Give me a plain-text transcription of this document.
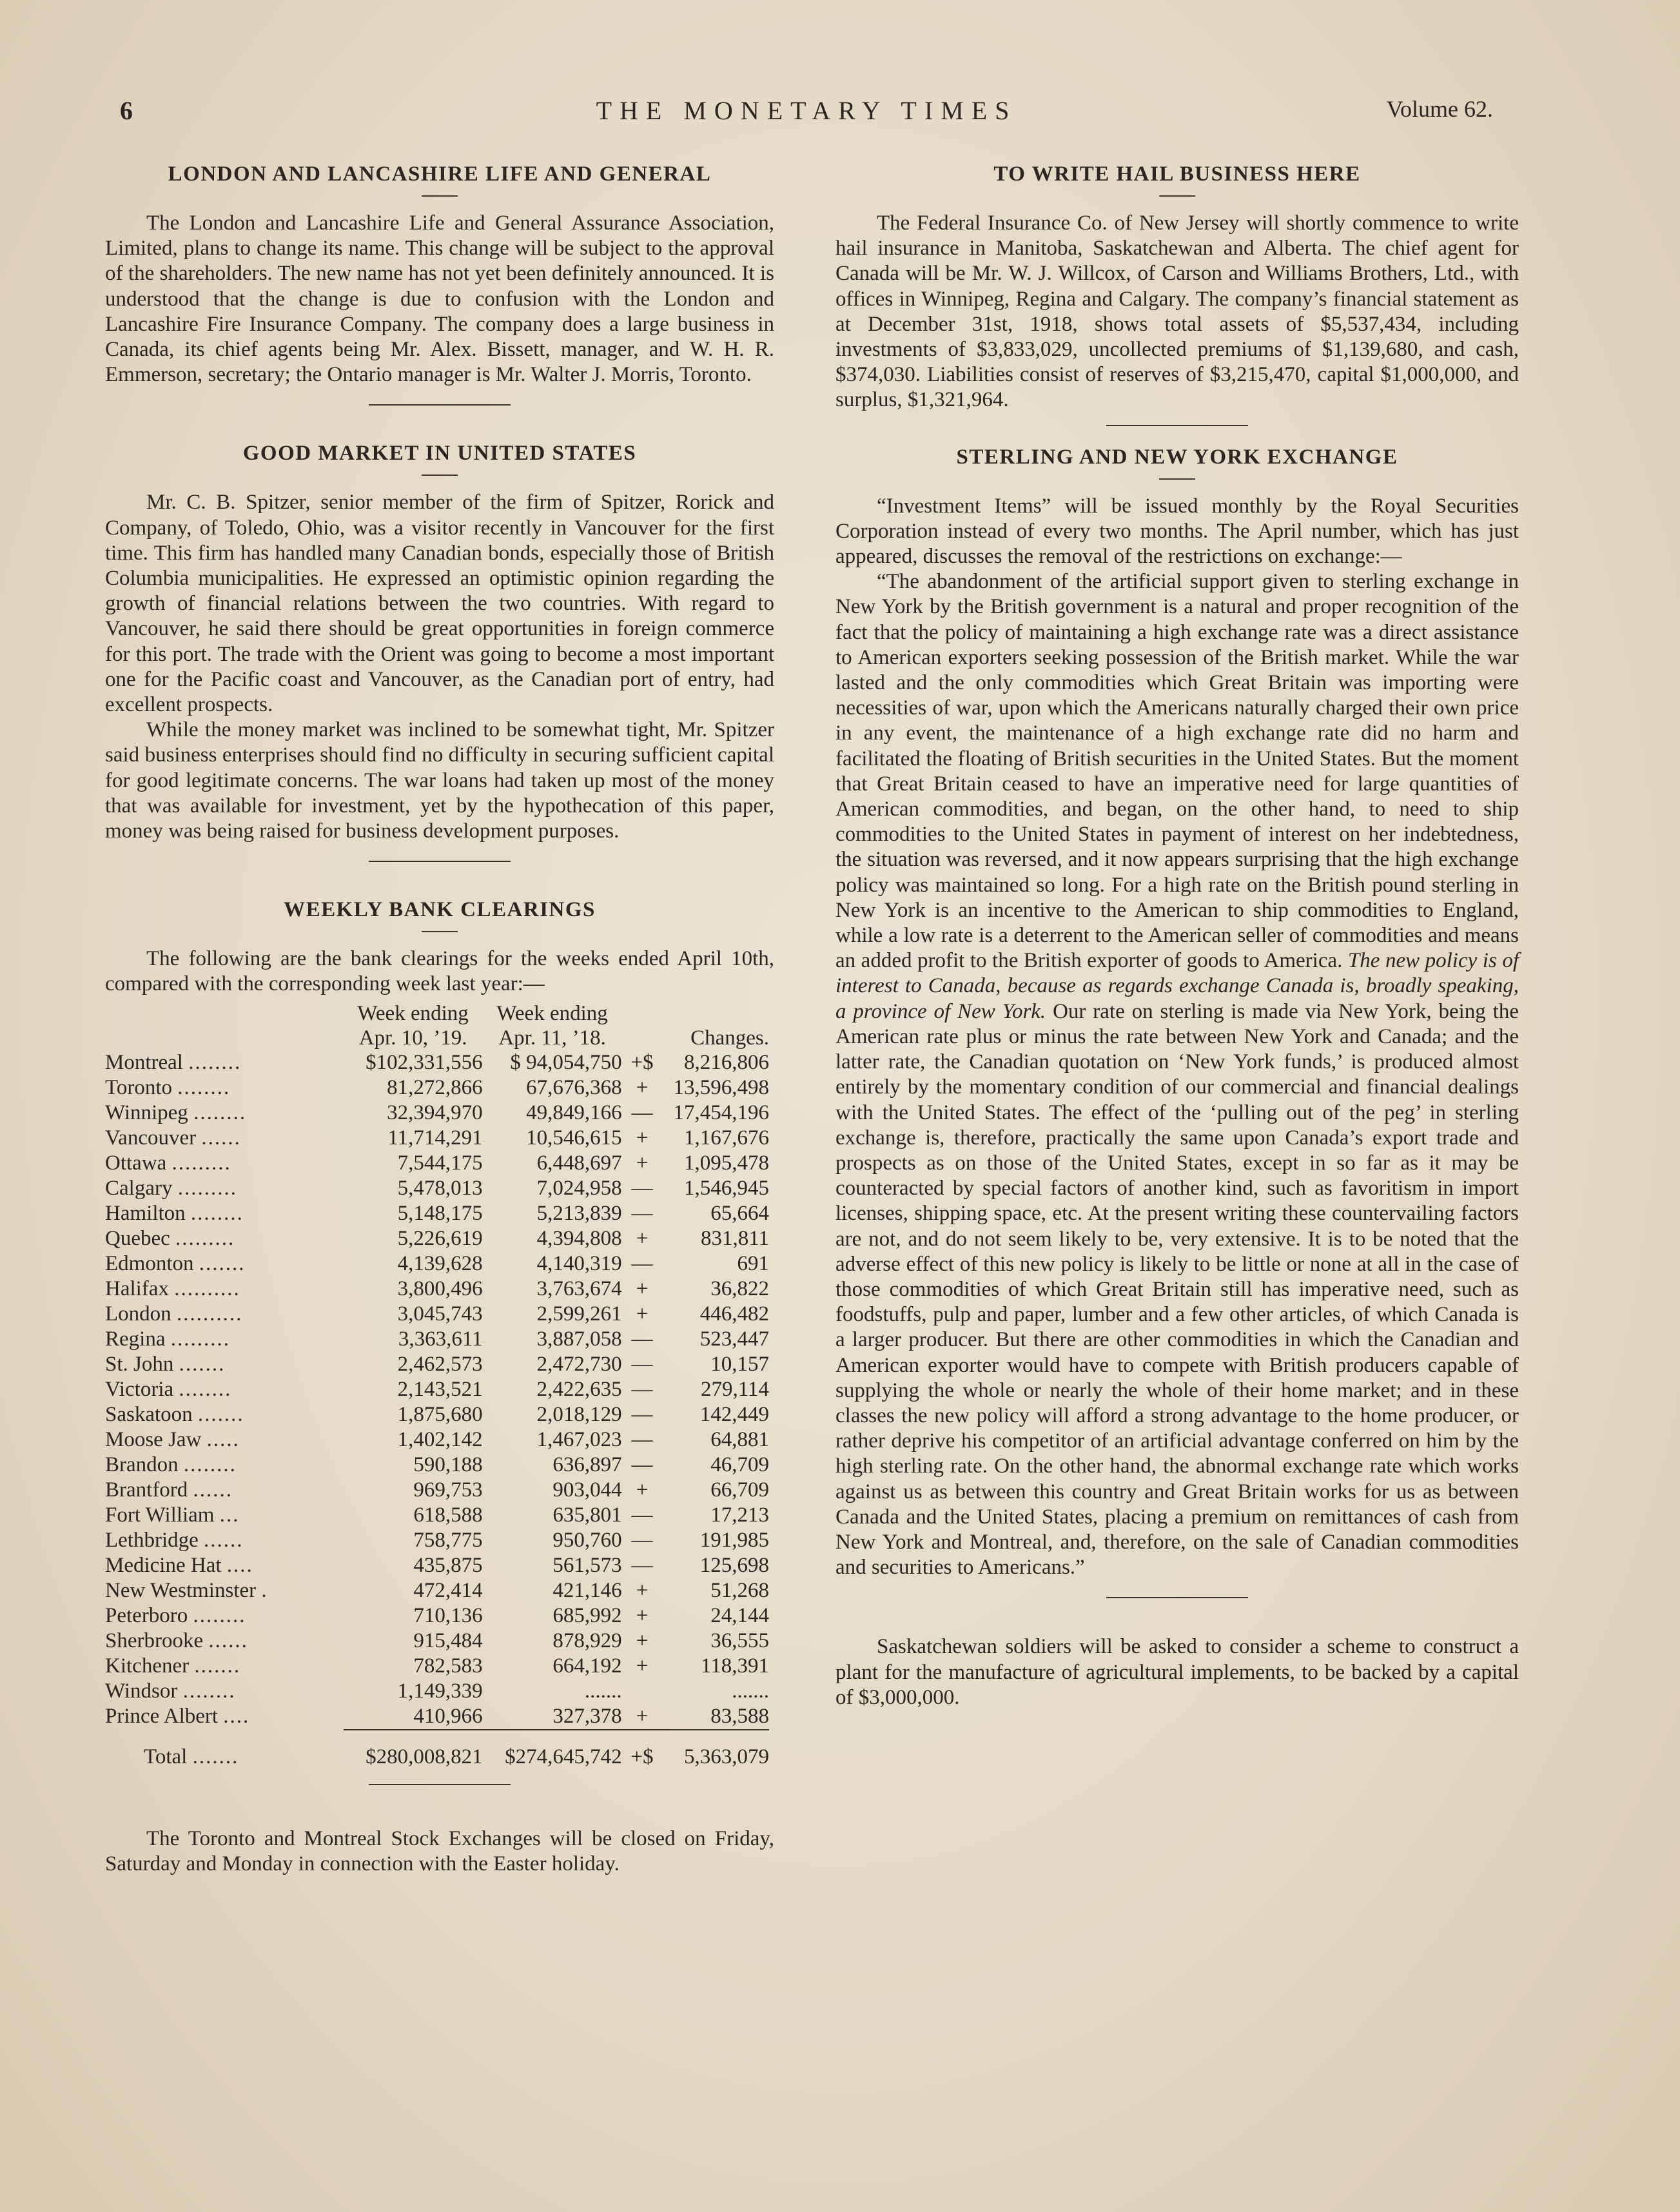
6	THE MONETARY TIMES	Volume 62.
LONDON AND LANCASHIRE LIFE AND GENERAL

The London and Lancashire Life and General Assurance Association, Limited, plans to change its name. This change will be subject to the approval of the shareholders. The new name has not yet been definitely announced. It is understood that the change is due to confusion with the London and Lancashire Fire Insurance Company. The company does a large business in Canada, its chief agents being Mr. Alex. Bissett, manager, and W. H. R. Emmerson, secretary; the Ontario manager is Mr. Walter J. Morris, Toronto.

GOOD MARKET IN UNITED STATES

Mr. C. B. Spitzer, senior member of the firm of Spitzer, Rorick and Company, of Toledo, Ohio, was a visitor recently in Vancouver for the first time. This firm has handled many Canadian bonds, especially those of British Columbia municipalities. He expressed an optimistic opinion regarding the growth of financial relations between the two countries. With regard to Vancouver, he said there should be great opportunities in foreign commerce for this port. The trade with the Orient was going to become a most important one for the Pacific coast and Vancouver, as the Canadian port of entry, had excellent prospects.

While the money market was inclined to be somewhat tight, Mr. Spitzer said business enterprises should find no difficulty in securing sufficient capital for good legitimate concerns. The war loans had taken up most of the money that was available for investment, yet by the hypothecation of this paper, money was being raised for business development purposes.

WEEKLY BANK CLEARINGS

The following are the bank clearings for the weeks ended April 10th, compared with the corresponding week last year:—

	Week ending	Week ending		
	Apr. 10, ’19.	Apr. 11, ’18.	Changes.	
Montreal ........	$102,331,556	$ 94,054,750	+$	8,216,806
Toronto ........	81,272,866	67,676,368	+	13,596,498
Winnipeg ........	32,394,970	49,849,166	—	17,454,196
Vancouver ......	11,714,291	10,546,615	+	1,167,676
Ottawa .........	7,544,175	6,448,697	+	1,095,478
Calgary .........	5,478,013	7,024,958	—	1,546,945
Hamilton ........	5,148,175	5,213,839	—	65,664
Quebec .........	5,226,619	4,394,808	+	831,811
Edmonton .......	4,139,628	4,140,319	—	691
Halifax ..........	3,800,496	3,763,674	+	36,822
London ..........	3,045,743	2,599,261	+	446,482
Regina .........	3,363,611	3,887,058	—	523,447
St. John .......	2,462,573	2,472,730	—	10,157
Victoria ........	2,143,521	2,422,635	—	279,114
Saskatoon .......	1,875,680	2,018,129	—	142,449
Moose Jaw .....	1,402,142	1,467,023	—	64,881
Brandon ........	590,188	636,897	—	46,709
Brantford ......	969,753	903,044	+	66,709
Fort William ...	618,588	635,801	—	17,213
Lethbridge ......	758,775	950,760	—	191,985
Medicine Hat ....	435,875	561,573	—	125,698
New Westminster .	472,414	421,146	+	51,268
Peterboro ........	710,136	685,992	+	24,144
Sherbrooke ......	915,484	878,929	+	36,555
Kitchener .......	782,583	664,192	+	118,391
Windsor ........	1,149,339	.......		.......
Prince Albert ....	410,966	327,378	+	83,588

Total .......	$280,008,821	$274,645,742	+$	5,363,079

The Toronto and Montreal Stock Exchanges will be closed on Friday, Saturday and Monday in connection with the Easter holiday.

TO WRITE HAIL BUSINESS HERE

The Federal Insurance Co. of New Jersey will shortly commence to write hail insurance in Manitoba, Saskatchewan and Alberta. The chief agent for Canada will be Mr. W. J. Willcox, of Carson and Williams Brothers, Ltd., with offices in Winnipeg, Regina and Calgary. The company’s financial statement as at December 31st, 1918, shows total assets of $5,537,434, including investments of $3,833,029, uncollected premiums of $1,139,680, and cash, $374,030. Liabilities consist of reserves of $3,215,470, capital $1,000,000, and surplus, $1,321,964.

STERLING AND NEW YORK EXCHANGE

“Investment Items” will be issued monthly by the Royal Securities Corporation instead of every two months. The April number, which has just appeared, discusses the removal of the restrictions on exchange:—

“The abandonment of the artificial support given to sterling exchange in New York by the British government is a natural and proper recognition of the fact that the policy of maintaining a high exchange rate was a direct assistance to American exporters seeking possession of the British market. While the war lasted and the only commodities which Great Britain was importing were necessities of war, upon which the Americans naturally charged their own price in any event, the maintenance of a high exchange rate did no harm and facilitated the floating of British securities in the United States. But the moment that Great Britain ceased to have an imperative need for large quantities of American commodities, and began, on the other hand, to need to ship commodities to the United States in payment of interest on her indebtedness, the situation was reversed, and it now appears surprising that the high exchange policy was maintained so long. For a high rate on the British pound sterling in New York is an incentive to the American to ship commodities to England, while a low rate is a deterrent to the American seller of commodities and means an added profit to the British exporter of goods to America. The new policy is of interest to Canada, because as regards exchange Canada is, broadly speaking, a province of New York. Our rate on sterling is made via New York, being the American rate plus or minus the rate between New York and Canada; and the latter rate, the Canadian quotation on ‘New York funds,’ is produced almost entirely by the momentary condition of our commercial and financial dealings with the United States. The effect of the ‘pulling out of the peg’ in sterling exchange is, therefore, practically the same upon Canada’s export trade and prospects as on those of the United States, except in so far as it may be counteracted by special factors of another kind, such as favoritism in import licenses, shipping space, etc. At the present writing these countervailing factors are not, and do not seem likely to be, very extensive. It is to be noted that the adverse effect of this new policy is likely to be little or none at all in the case of those commodities of which Great Britain still has imperative need, such as foodstuffs, pulp and paper, lumber and a few other articles, of which Canada is a larger producer. But there are other commodities in which the Canadian and American exporter would have to compete with British producers capable of supplying the whole or nearly the whole of their home market; and in these classes the new policy will afford a strong advantage to the home producer, or rather deprive his competitor of an artificial advantage conferred on him by the high sterling rate. On the other hand, the abnormal exchange rate which works against us as between this country and Great Britain works for us as between Canada and the United States, placing a premium on remittances of cash from New York and Montreal, and, therefore, on the sale of Canadian commodities and securities to Americans.”

Saskatchewan soldiers will be asked to consider a scheme to construct a plant for the manufacture of agricultural implements, to be backed by a capital of $3,000,000.
